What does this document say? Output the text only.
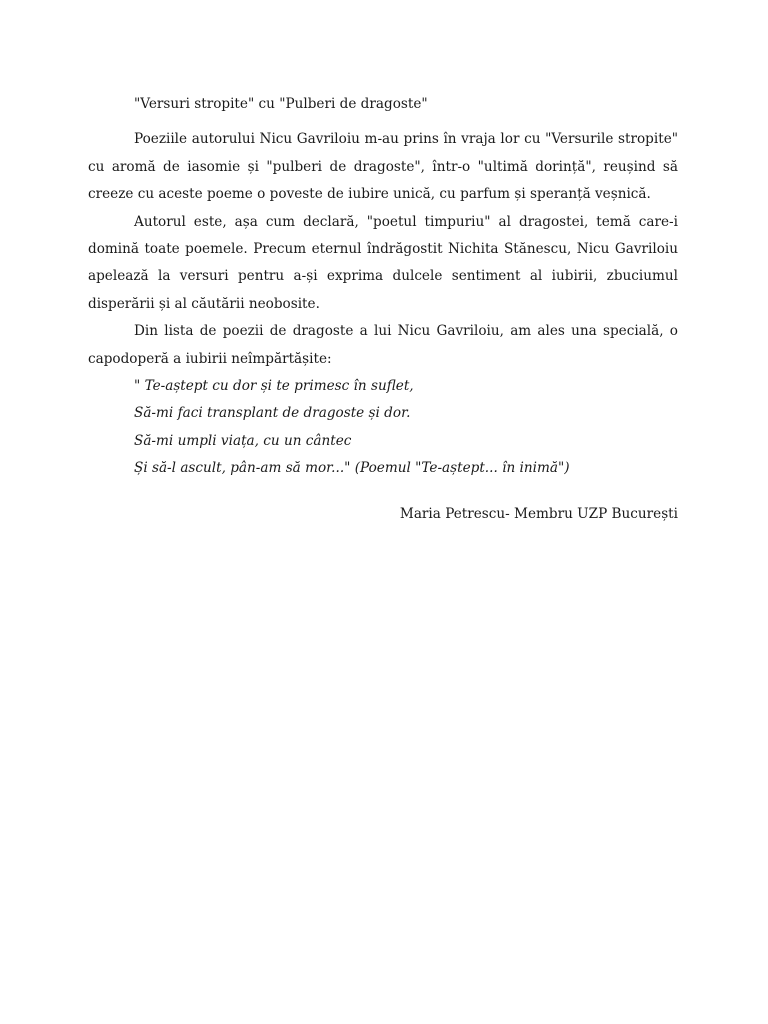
"Versuri stropite" cu "Pulberi de dragoste"

Poeziile autorului Nicu Gavriloiu m-au prins în vraja lor cu "Versurile stropite" cu aromă de iasomie și "pulberi de dragoste", într-o "ultimă dorință", reușind să creeze cu aceste poeme o poveste de iubire unică, cu parfum și speranță veșnică.

Autorul este, așa cum declară, "poetul timpuriu" al dragostei, temă care-i domină toate poemele. Precum eternul îndrăgostit Nichita Stănescu, Nicu Gavriloiu apelează la versuri pentru a-și exprima dulcele sentiment al iubirii, zbuciumul disperării și al căutării neobosite.

Din lista de poezii de dragoste a lui Nicu Gavriloiu, am ales una specială, o capodoperă a iubirii neîmpărtășite:

" Te-aștept cu dor și te primesc în suflet,

Să-mi faci transplant de dragoste și dor.

Să-mi umpli viața, cu un cântec

Și să-l ascult, pân-am să mor..." (Poemul "Te-aștept... în inimă")

Maria Petrescu- Membru UZP București
